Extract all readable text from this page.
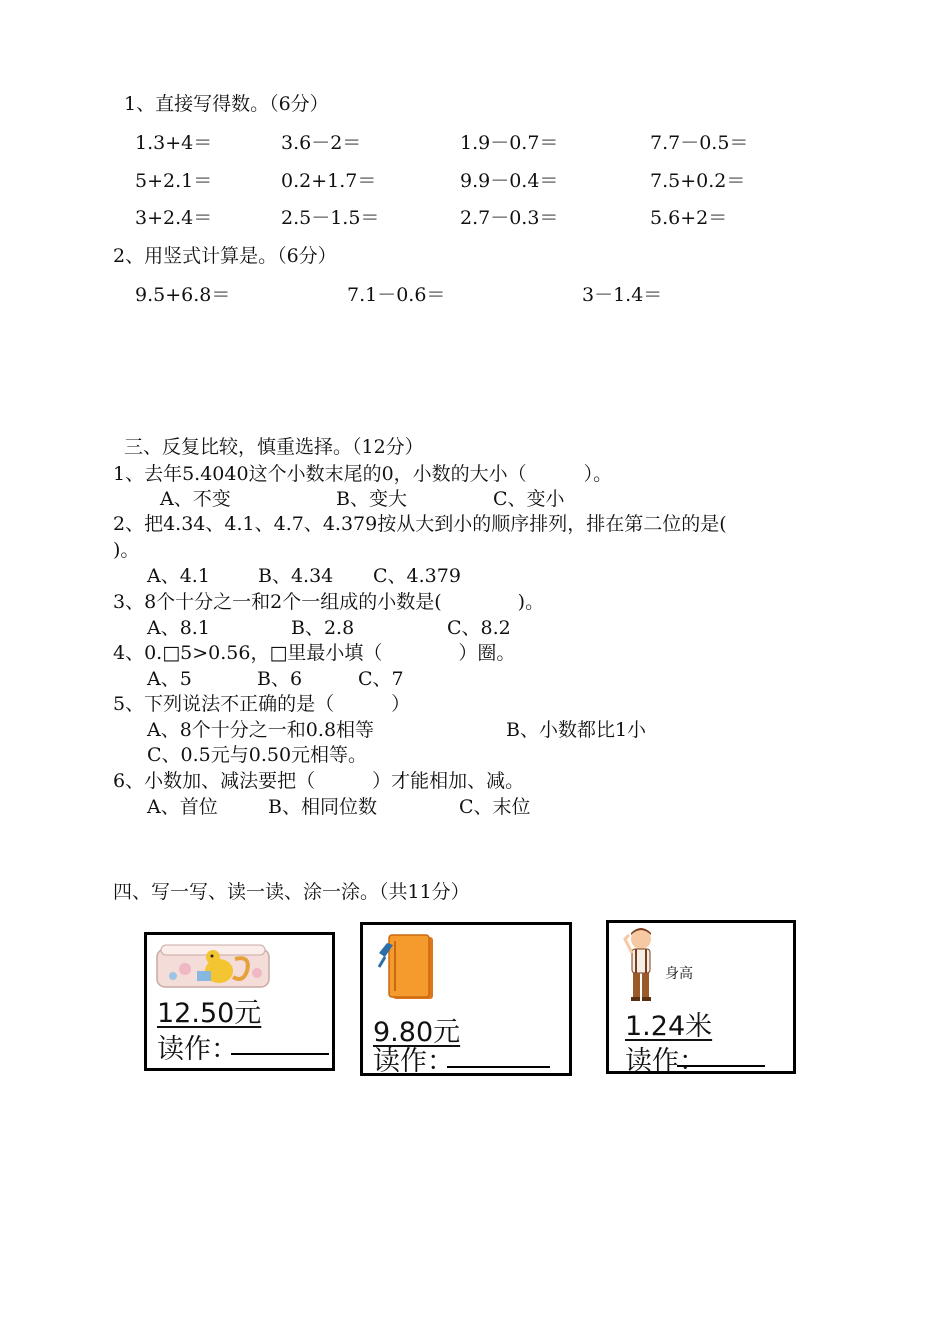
1、直接写得数。（6分）
1.3+4＝	3.6－2＝	1.9－0.7＝	7.7－0.5＝
5+2.1＝	0.2+1.7＝	9.9－0.4＝	7.5+0.2＝
3+2.4＝	2.5－1.5＝	2.7－0.3＝	5.6+2＝
2、用竖式计算是。（6分）
9.5+6.8＝	7.1－0.6＝	3－1.4＝
三、反复比较，慎重选择。（12分）
1、去年5.4040这个小数末尾的0，小数的大小（　　　）。
A、不变	B、变大	C、变小
2、把4.34、4.1、4.7、4.379按从大到小的顺序排列，排在第二位的是(
)。
A、4.1	B、4.34 C、4.379
3、8个十分之一和2个一组成的小数是(　　　　)。
A、8.1	B、2.8	C、8.2
4、0.□5>0.56，□里最小填（　　　　）圈。
A、5	B、6	C、7
5、下列说法不正确的是（　　　）
A、8个十分之一和0.8相等	B、小数都比1小
C、0.5元与0.50元相等。
6、小数加、减法要把（　　　）才能相加、减。
A、首位	B、相同位数	C、末位
四、写一写、读一读、涂一涂。（共11分）
12.50元
读作：
9.80元
读作：
身高
1.24米
读作：
